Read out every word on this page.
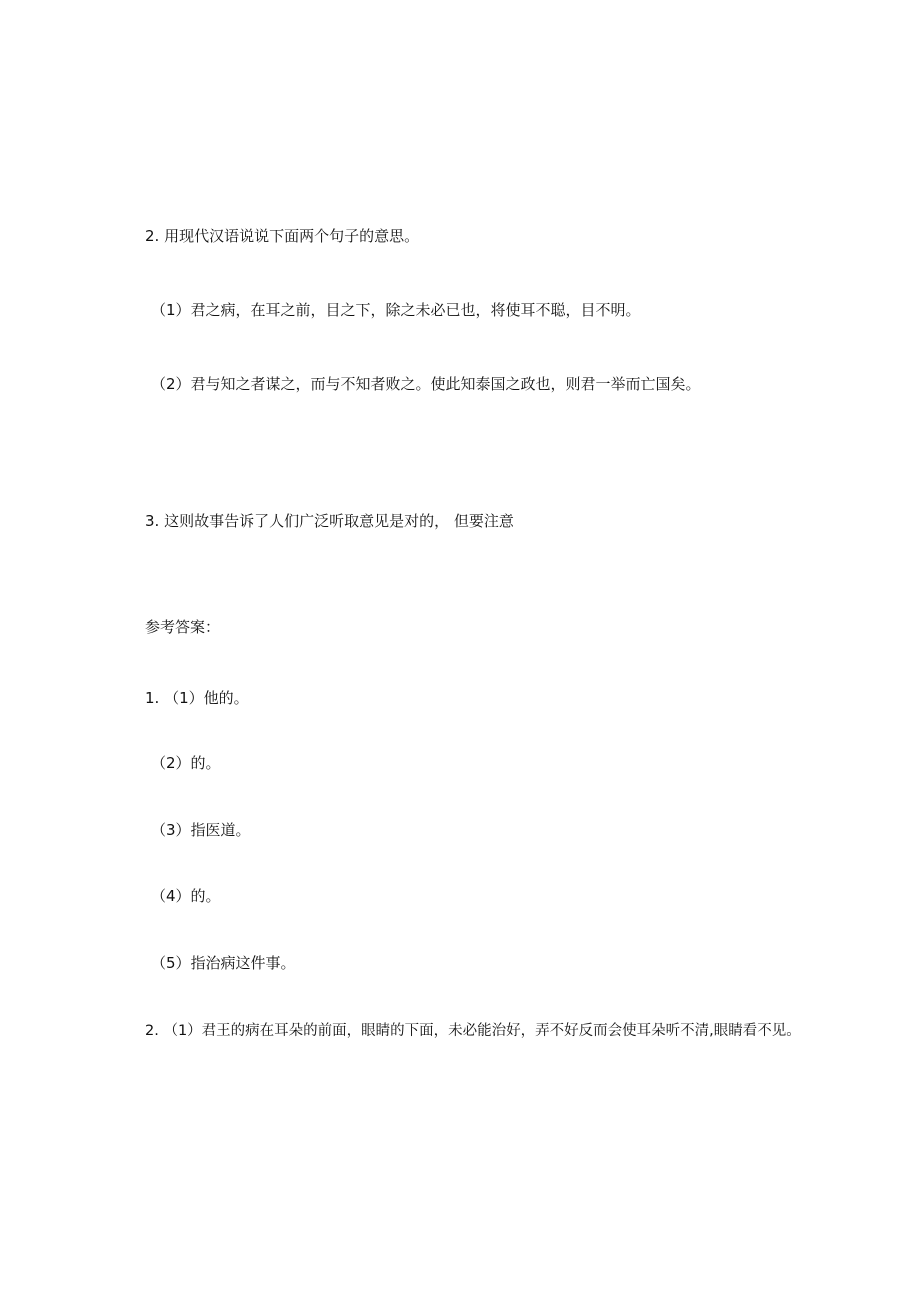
2. 用现代汉语说说下面两个句子的意思。
（1）君之病，在耳之前，目之下，除之未必已也，将使耳不聪，目不明。
（2）君与知之者谋之，而与不知者败之。使此知泰国之政也，则君一举而亡国矣。
3. 这则故事告诉了人们广泛听取意见是对的， 但要注意
参考答案：
1. （1）他的。
（2）的。
（3）指医道。
（4）的。
（5）指治病这件事。
2. （1）君王的病在耳朵的前面，眼睛的下面，未必能治好，弄不好反而会使耳朵听不清,眼睛看不见。
